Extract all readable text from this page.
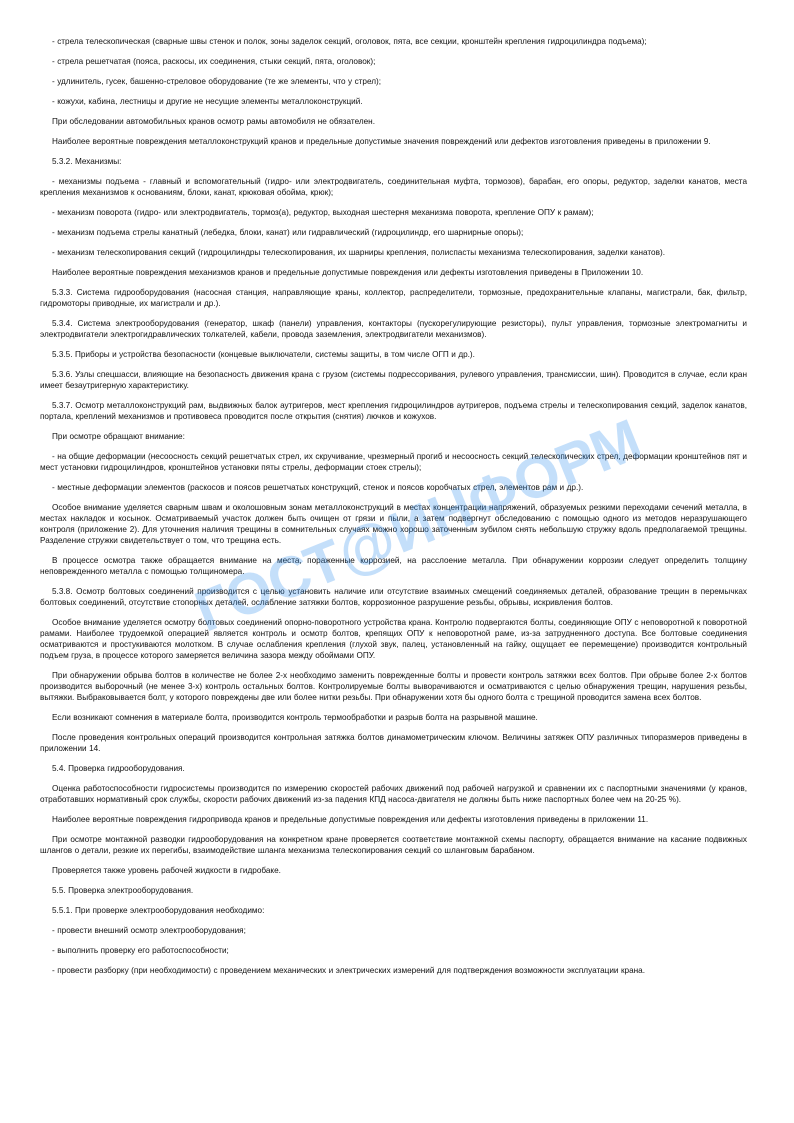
- стрела телескопическая (сварные швы стенок и полок, зоны заделок секций, оголовок, пята, все секции, кронштейн крепления гидроцилиндра подъема);

- стрела решетчатая (пояса, раскосы, их соединения, стыки секций, пята, оголовок);

- удлинитель, гусек, башенно-стреловое оборудование (те же элементы, что у стрел);

- кожухи, кабина, лестницы и другие не несущие элементы металлоконструкций.

При обследовании автомобильных кранов осмотр рамы автомобиля не обязателен.

Наиболее вероятные повреждения металлоконструкций кранов и предельные допустимые значения повреждений или дефектов изготовления приведены в приложении 9.

5.3.2. Механизмы:

- механизмы подъема - главный и вспомогательный (гидро- или электродвигатель, соединительная муфта, тормозов), барабан, его опоры, редуктор, заделки канатов, места крепления механизмов к основаниям, блоки, канат, крюковая обойма, крюк);

- механизм поворота (гидро- или электродвигатель, тормоз(а), редуктор, выходная шестерня механизма поворота, крепление ОПУ к рамам);

- механизм подъема стрелы канатный (лебедка, блоки, канат) или гидравлический (гидроцилиндр, его шарнирные опоры);

- механизм телескопирования секций (гидроцилиндры телескопирования, их шарниры крепления, полиспасты механизма телескопирования, заделки канатов).

Наиболее вероятные повреждения механизмов кранов и предельные допустимые повреждения или дефекты изготовления приведены в Приложении 10.

5.3.3. Система гидрооборудования (насосная станция, направляющие краны, коллектор, распределители, тормозные, предохранительные клапаны, магистрали, бак, фильтр, гидромоторы приводные, их магистрали и др.).

5.3.4. Система электрооборудования (генератор, шкаф (панели) управления, контакторы (пускорегулирующие резисторы), пульт управления, тормозные электромагниты и электродвигатели электрогидравлических толкателей, кабели, провода заземления, электродвигатели механизмов).

5.3.5. Приборы и устройства безопасности (концевые выключатели, системы защиты, в том числе ОГП и др.).

5.3.6. Узлы спецшасси, влияющие на безопасность движения крана с грузом (системы подрессоривания, рулевого управления, трансмиссии, шин). Проводится в случае, если кран имеет безаутригерную характеристику.

5.3.7. Осмотр металлоконструкций рам, выдвижных балок аутригеров, мест крепления гидроцилиндров аутригеров, подъема стрелы и телескопирования секций, заделок канатов, портала, креплений механизмов и противовеса проводится после открытия (снятия) лючков и кожухов.

При осмотре обращают внимание:

- на общие деформации (несоосность секций решетчатых стрел, их скручивание, чрезмерный прогиб и несоосность секций телескопических стрел, деформации кронштейнов пят и мест установки гидроцилиндров, кронштейнов установки пяты стрелы, деформации стоек стрелы);

- местные деформации элементов (раскосов и поясов решетчатых конструкций, стенок и поясов коробчатых стрел, элементов рам и др.).

Особое внимание уделяется сварным швам и околошовным зонам металлоконструкций в местах концентрации напряжений, образуемых резкими переходами сечений металла, в местах накладок и косынок. Осматриваемый участок должен быть очищен от грязи и пыли, а затем подвергнут обследованию с помощью одного из методов неразрушающего контроля (приложение 2). Для уточнения наличия трещины в сомнительных случаях можно хорошо заточенным зубилом снять небольшую стружку вдоль предполагаемой трещины. Разделение стружки свидетельствует о том, что трещина есть.

В процессе осмотра также обращается внимание на места, пораженные коррозией, на расслоение металла. При обнаружении коррозии следует определить толщину неповрежденного металла с помощью толщиномера.

5.3.8. Осмотр болтовых соединений производится с целью установить наличие или отсутствие взаимных смещений соединяемых деталей, образование трещин в перемычках болтовых соединений, отсутствие стопорных деталей, ослабление затяжки болтов, коррозионное разрушение резьбы, обрывы, искривления болтов.

Особое внимание уделяется осмотру болтовых соединений опорно-поворотного устройства крана. Контролю подвергаются болты, соединяющие ОПУ с неповоротной к поворотной рамами. Наиболее трудоемкой операцией является контроль и осмотр болтов, крепящих ОПУ к неповоротной раме, из-за затрудненного доступа. Все болтовые соединения осматриваются и простукиваются молотком. В случае ослабления крепления (глухой звук, палец, установленный на гайку, ощущает ее перемещение) производится контрольный подъем груза, в процессе которого замеряется величина зазора между обоймами ОПУ.

При обнаружении обрыва болтов в количестве не более 2-х необходимо заменить поврежденные болты и провести контроль затяжки всех болтов. При обрыве более 2-х болтов производится выборочный (не менее 3-х) контроль остальных болтов. Контролируемые болты выворачиваются и осматриваются с целью обнаружения трещин, нарушения резьбы, вытяжки. Выбраковывается болт, у которого повреждены две или более нитки резьбы. При обнаружении хотя бы одного болта с трещиной проводится замена всех болтов.

Если возникают сомнения в материале болта, производится контроль термообработки и разрыв болта на разрывной машине.

После проведения контрольных операций производится контрольная затяжка болтов динамометрическим ключом. Величины затяжек ОПУ различных типоразмеров приведены в приложении 14.

5.4. Проверка гидрооборудования.

Оценка работоспособности гидросистемы производится по измерению скоростей рабочих движений под рабочей нагрузкой и сравнении их с паспортными значениями (у кранов, отработавших нормативный срок службы, скорости рабочих движений из-за падения КПД насоса-двигателя не должны быть ниже паспортных более чем на 20-25 %).

Наиболее вероятные повреждения гидропривода кранов и предельные допустимые повреждения или дефекты изготовления приведены в приложении 11.

При осмотре монтажной разводки гидрооборудования на конкретном кране проверяется соответствие монтажной схемы паспорту, обращается внимание на касание подвижных шлангов о детали, резкие их перегибы, взаимодействие шланга механизма телескопирования секций со шланговым барабаном.

Проверяется также уровень рабочей жидкости в гидробаке.

5.5. Проверка электрооборудования.

5.5.1. При проверке электрооборудования необходимо:

- провести внешний осмотр электрооборудования;

- выполнить проверку его работоспособности;

- провести разборку (при необходимости) с проведением механических и электрических измерений для подтверждения возможности эксплуатации крана.

ГОСТ@ИНФОРМ.РУ
